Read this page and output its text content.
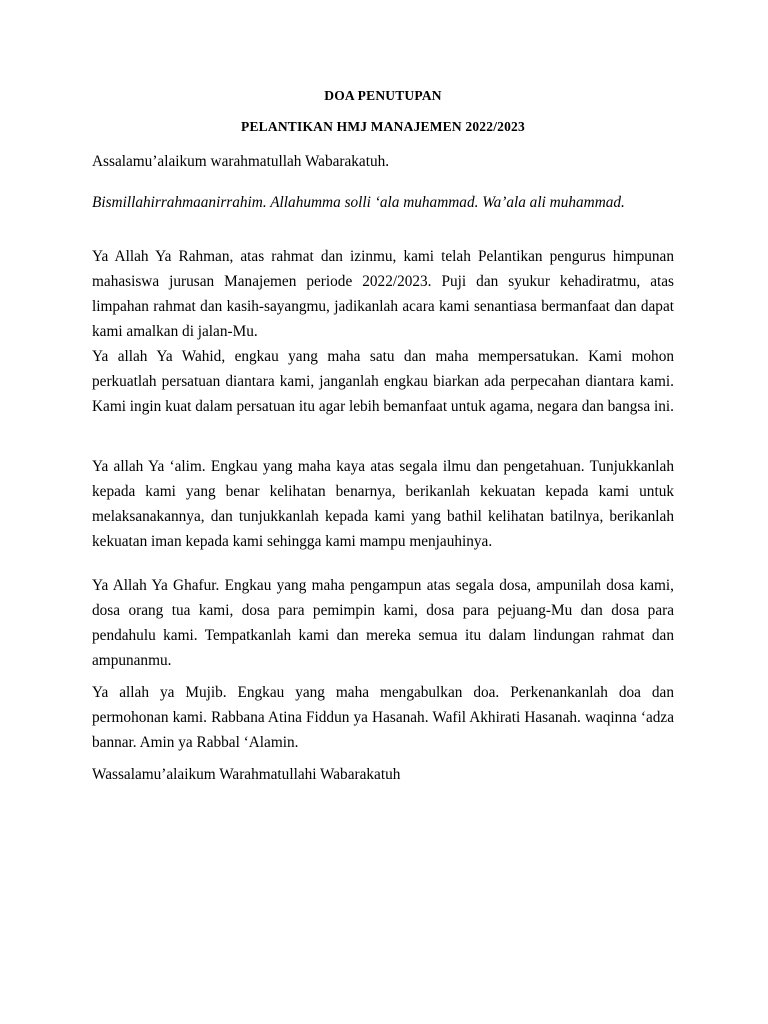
DOA PENUTUPAN
PELANTIKAN HMJ MANAJEMEN 2022/2023

Assalamu’alaikum warahmatullah Wabarakatuh.

Bismillahirrahmaanirrahim. Allahumma solli ‘ala muhammad. Wa’ala ali muhammad.

Ya Allah Ya Rahman, atas rahmat dan izinmu, kami telah Pelantikan pengurus himpunan mahasiswa jurusan Manajemen periode 2022/2023. Puji dan syukur kehadiratmu, atas limpahan rahmat dan kasih-sayangmu, jadikanlah acara kami senantiasa bermanfaat dan dapat kami amalkan di jalan-Mu.

Ya allah Ya Wahid, engkau yang maha satu dan maha mempersatukan. Kami mohon perkuatlah persatuan diantara kami, janganlah engkau biarkan ada perpecahan diantara kami. Kami ingin kuat dalam persatuan itu agar lebih bemanfaat untuk agama, negara dan bangsa ini.

Ya allah Ya ‘alim. Engkau yang maha kaya atas segala ilmu dan pengetahuan. Tunjukkanlah kepada kami yang benar kelihatan benarnya, berikanlah kekuatan kepada kami untuk melaksanakannya, dan tunjukkanlah kepada kami yang bathil kelihatan batilnya, berikanlah kekuatan iman kepada kami sehingga kami mampu menjauhinya.

Ya Allah Ya Ghafur. Engkau yang maha pengampun atas segala dosa, ampunilah dosa kami, dosa orang tua kami, dosa para pemimpin kami, dosa para pejuang-Mu dan dosa para pendahulu kami. Tempatkanlah kami dan mereka semua itu dalam lindungan rahmat dan ampunanmu.

Ya allah ya Mujib. Engkau yang maha mengabulkan doa. Perkenankanlah doa dan permohonan kami. Rabbana Atina Fiddun ya Hasanah. Wafil Akhirati Hasanah. waqinna ‘adza bannar. Amin ya Rabbal ‘Alamin.

Wassalamu’alaikum Warahmatullahi Wabarakatuh
